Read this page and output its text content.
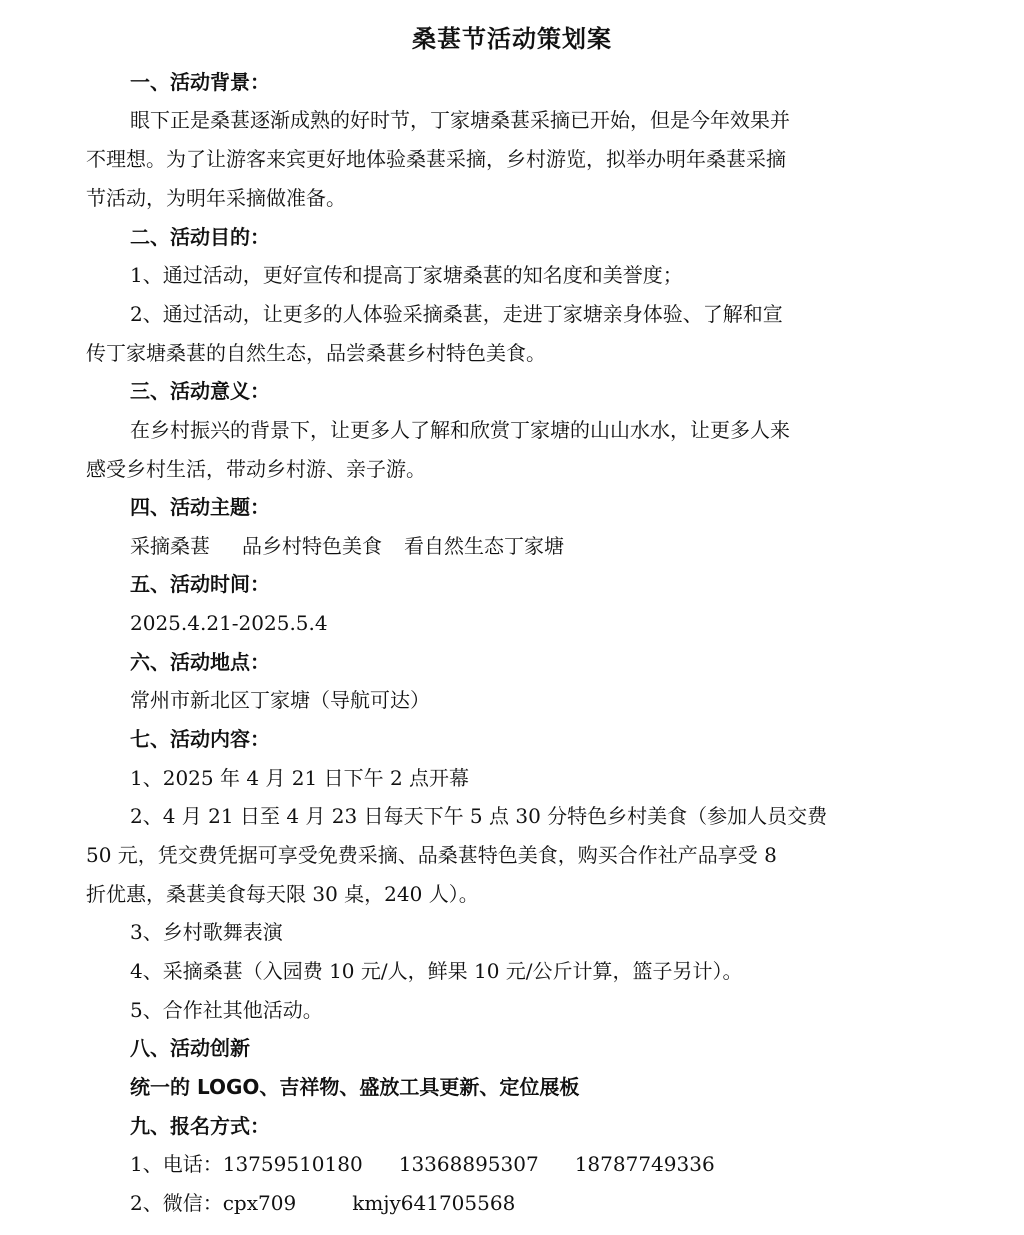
桑葚节活动策划案
一、活动背景：
眼下正是桑葚逐渐成熟的好时节，丁家塘桑葚采摘已开始，但是今年效果并
不理想。为了让游客来宾更好地体验桑葚采摘，乡村游览，拟举办明年桑葚采摘
节活动，为明年采摘做准备。
二、活动目的：
1、通过活动，更好宣传和提高丁家塘桑葚的知名度和美誉度；
2、通过活动，让更多的人体验采摘桑葚，走进丁家塘亲身体验、了解和宣
传丁家塘桑葚的自然生态，品尝桑葚乡村特色美食。
三、活动意义：
在乡村振兴的背景下，让更多人了解和欣赏丁家塘的山山水水，让更多人来
感受乡村生活，带动乡村游、亲子游。
四、活动主题：
采摘桑葚 品乡村特色美食 看自然生态丁家塘
五、活动时间：
2025.4.21-2025.5.4
六、活动地点：
常州市新北区丁家塘（导航可达）
七、活动内容：
1、2025 年 4 月 21 日下午 2 点开幕
2、4 月 21 日至 4 月 23 日每天下午 5 点 30 分特色乡村美食（参加人员交费
50 元，凭交费凭据可享受免费采摘、品桑葚特色美食，购买合作社产品享受 8
折优惠，桑葚美食每天限 30 桌，240 人）。
3、乡村歌舞表演
4、采摘桑葚（入园费 10 元/人，鲜果 10 元/公斤计算，篮子另计）。
5、合作社其他活动。
八、活动创新
统一的 LOGO、吉祥物、盛放工具更新、定位展板
九、报名方式：
1、电话：13759510180 13368895307 18787749336
2、微信：cpx709	kmjy641705568
